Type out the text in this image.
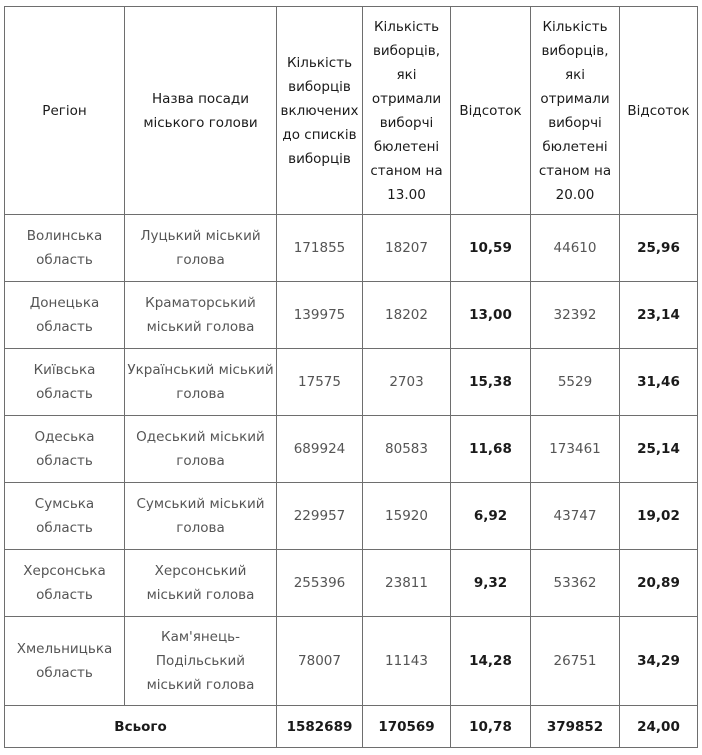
Регіон	Назва посади міського голови	Кількість виборців включених до списків виборців	Кількість виборців, які отримали виборчі бюлетені станом на 13.00	Відсоток	Кількість виборців, які отримали виборчі бюлетені станом на 20.00	Відсоток
Волинська область	Луцький міський голова	171855	18207	10,59	44610	25,96
Донецька область	Краматорський міський голова	139975	18202	13,00	32392	23,14
Київська область	Український міський голова	17575	2703	15,38	5529	31,46
Одеська область	Одеський міський голова	689924	80583	11,68	173461	25,14
Сумська область	Сумський міський голова	229957	15920	6,92	43747	19,02
Херсонська область	Херсонський міський голова	255396	23811	9,32	53362	20,89
Хмельницька область	Кам'янець-Подільський міський голова	78007	11143	14,28	26751	34,29
Всього		1582689	170569	10,78	379852	24,00
